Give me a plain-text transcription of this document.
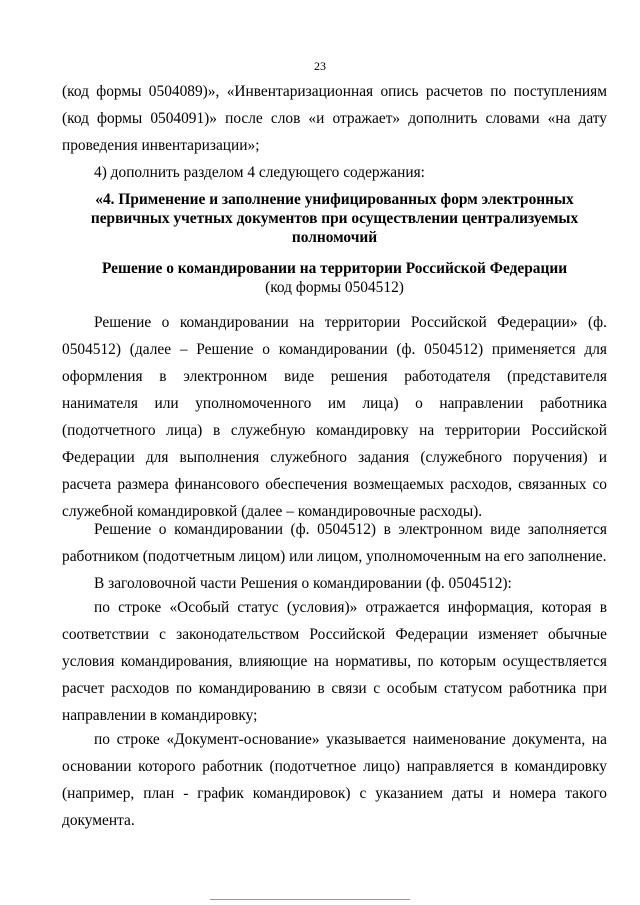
23
(код формы 0504089)», «Инвентаризационная опись расчетов по поступлениям (код формы 0504091)» после слов «и отражает» дополнить словами «на дату проведения инвентаризации»;
4) дополнить разделом 4 следующего содержания:
«4. Применение и заполнение унифицированных форм электронных
первичных учетных документов при осуществлении централизуемых
полномочий
Решение о командировании на территории Российской Федерации
(код формы 0504512)
Решение о командировании на территории Российской Федерации» (ф. 0504512) (далее – Решение о командировании (ф. 0504512) применяется для оформления в электронном виде решения работодателя (представителя нанимателя или уполномоченного им лица) о направлении работника (подотчетного лица) в служебную командировку на территории Российской Федерации для выполнения служебного задания (служебного поручения) и расчета размера финансового обеспечения возмещаемых расходов, связанных со служебной командировкой (далее – командировочные расходы).
Решение о командировании (ф. 0504512) в электронном виде заполняется работником (подотчетным лицом) или лицом, уполномоченным на его заполнение.
В заголовочной части Решения о командировании (ф. 0504512):
по строке «Особый статус (условия)» отражается информация, которая в соответствии с законодательством Российской Федерации изменяет обычные условия командирования, влияющие на нормативы, по которым осуществляется расчет расходов по командированию в связи с особым статусом работника при направлении в командировку;
по строке «Документ-основание» указывается наименование документа, на основании которого работник (подотчетное лицо) направляется в командировку (например, план - график командировок) с указанием даты и номера такого документа.
